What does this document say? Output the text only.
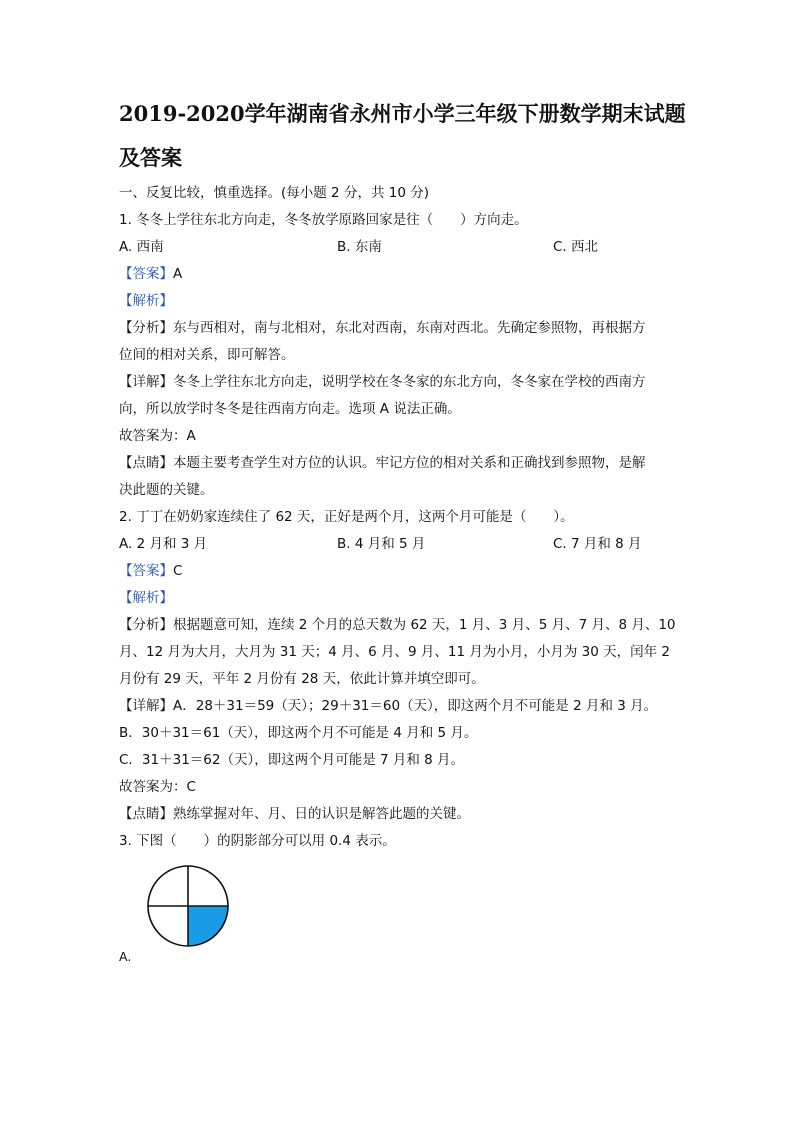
2019-2020学年湖南省永州市小学三年级下册数学期末试题
及答案
一、反复比较，慎重选择。(每小题 2 分，共 10 分)
1. 冬冬上学往东北方向走，冬冬放学原路回家是往（　　）方向走。
A. 西南	B. 东南	C. 西北
【答案】A
【解析】
【分析】东与西相对，南与北相对，东北对西南，东南对西北。先确定参照物，再根据方
位间的相对关系，即可解答。
【详解】冬冬上学往东北方向走，说明学校在冬冬家的东北方向，冬冬家在学校的西南方
向，所以放学时冬冬是往西南方向走。选项 A 说法正确。
故答案为：A
【点睛】本题主要考查学生对方位的认识。牢记方位的相对关系和正确找到参照物，是解
决此题的关键。
2. 丁丁在奶奶家连续住了 62 天，正好是两个月，这两个月可能是（　　）。
A. 2 月和 3 月	B. 4 月和 5 月	C. 7 月和 8 月
【答案】C
【解析】
【分析】根据题意可知，连续 2 个月的总天数为 62 天，1 月、3 月、5 月、7 月、8 月、10
月、12 月为大月，大月为 31 天；4 月、6 月、9 月、11 月为小月，小月为 30 天，闰年 2
月份有 29 天，平年 2 月份有 28 天，依此计算并填空即可。
【详解】A．28＋31＝59（天）；29＋31＝60（天），即这两个月不可能是 2 月和 3 月。
B．30＋31＝61（天），即这两个月不可能是 4 月和 5 月。
C．31＋31＝62（天），即这两个月可能是 7 月和 8 月。
故答案为：C
【点睛】熟练掌握对年、月、日的认识是解答此题的关键。
3. 下图（　　）的阴影部分可以用 0.4 表示。
A.
